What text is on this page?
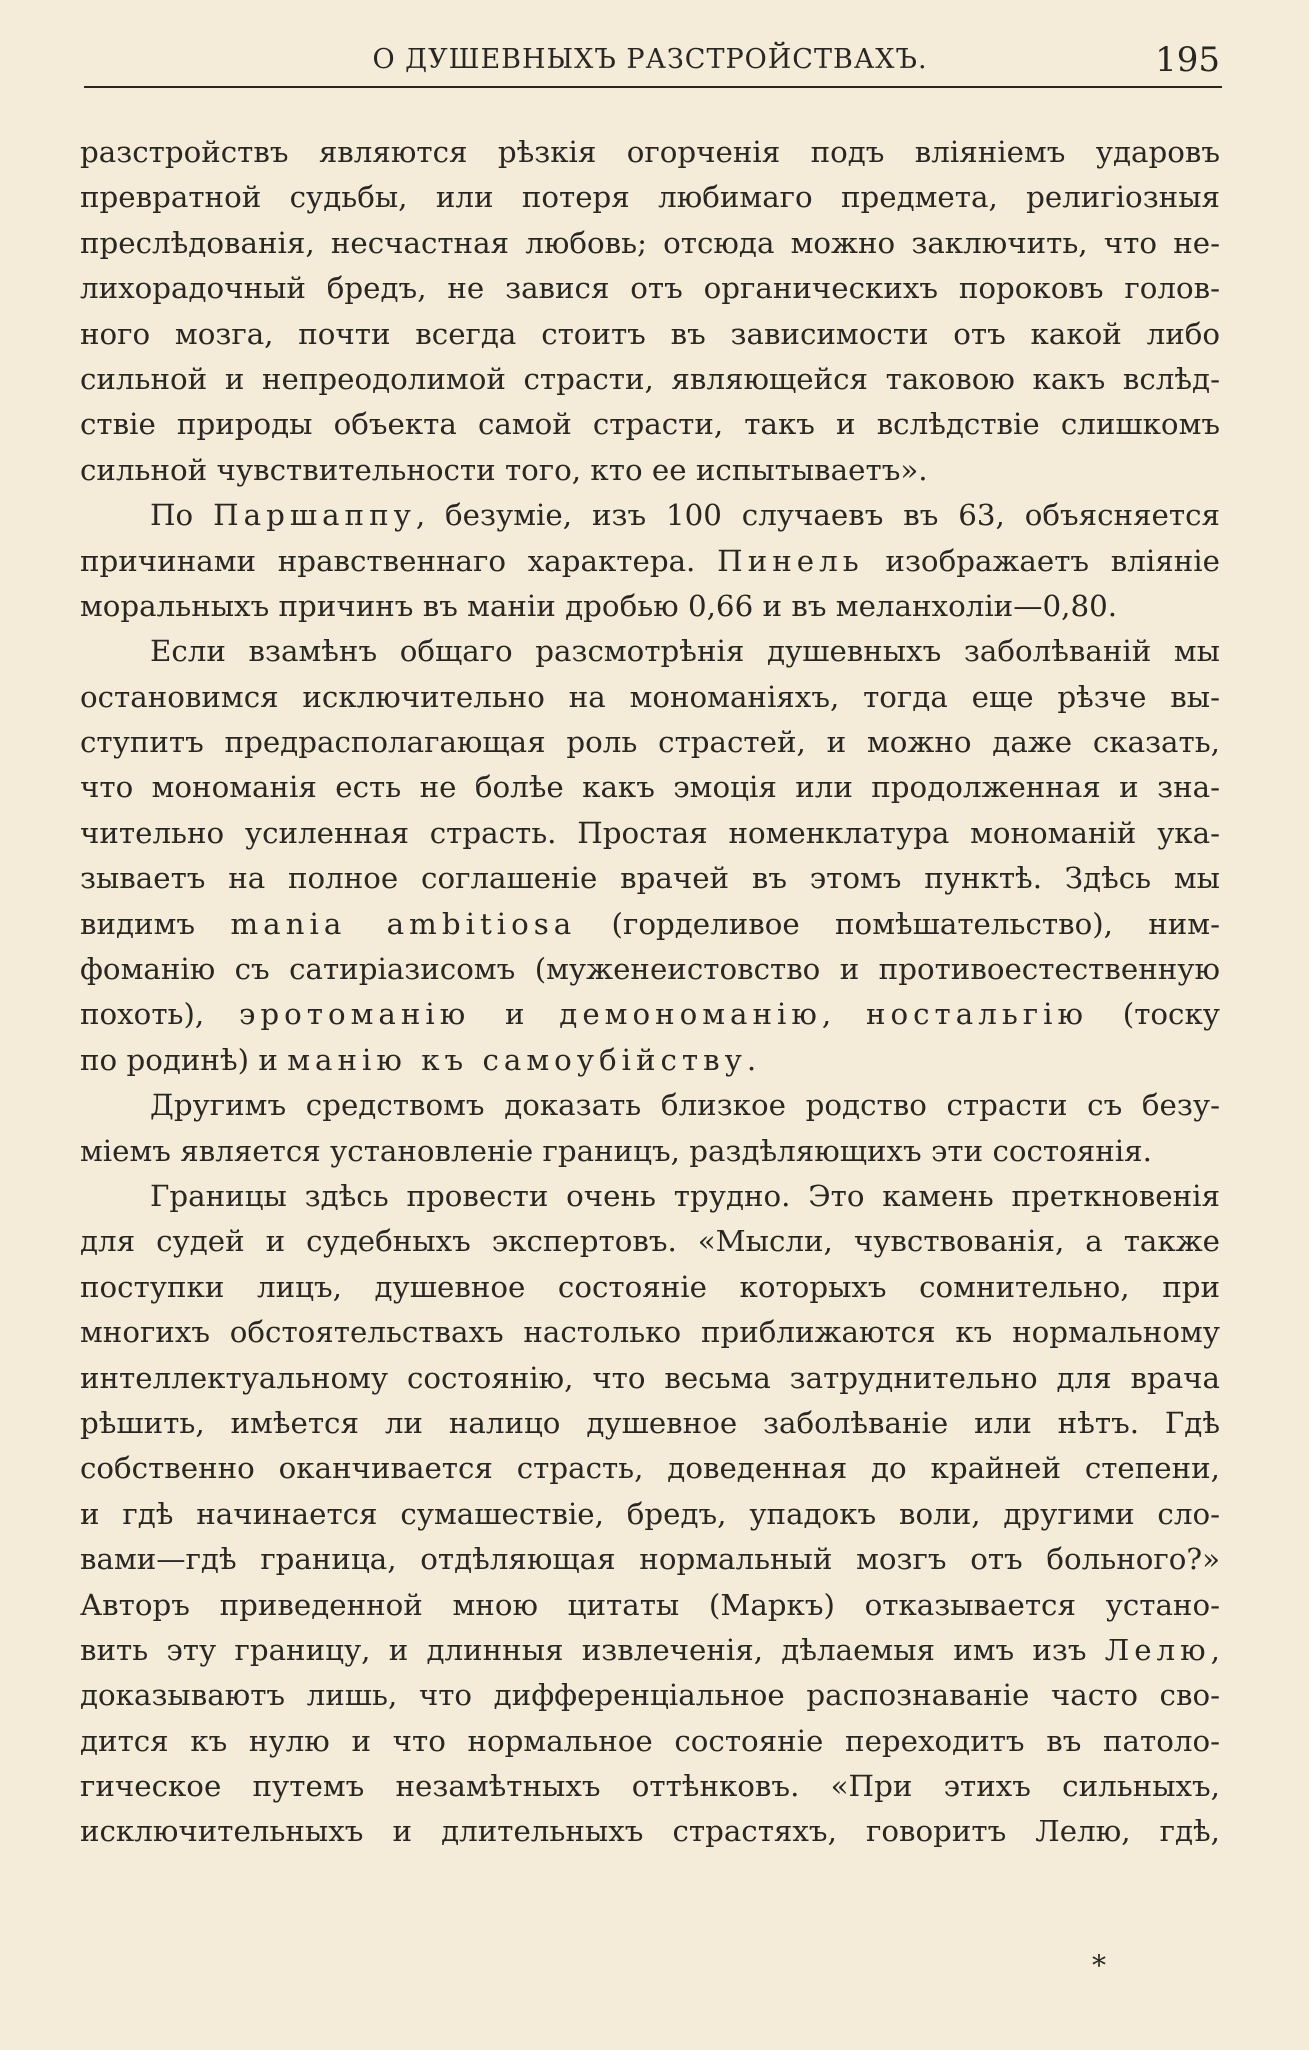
О ДУШЕВНЫХЪ РАЗСТРОЙСТВАХЪ.	195
разстройствъ являются рѣзкія огорченія подъ вліяніемъ ударовъ
превратной судьбы, или потеря любимаго предмета, религіозныя
преслѣдованія, несчастная любовь; отсюда можно заключить, что не-
лихорадочный бредъ, не завися отъ органическихъ пороковъ голов-
ного мозга, почти всегда стоитъ въ зависимости отъ какой либо
сильной и непреодолимой страсти, являющейся таковою какъ вслѣд-
ствіе природы объекта самой страсти, такъ и вслѣдствіе слишкомъ
сильной чувствительности того, кто ее испытываетъ».
По Паршаппу, безуміе, изъ 100 случаевъ въ 63, объясняется
причинами нравственнаго характера. Пинель изображаетъ вліяніе
моральныхъ причинъ въ маніи дробью 0,66 и въ меланхоліи—0,80.
Если взамѣнъ общаго разсмотрѣнія душевныхъ заболѣваній мы
остановимся исключительно на мономаніяхъ, тогда еще рѣзче вы-
ступитъ предрасполагающая роль страстей, и можно даже сказать,
что мономанія есть не болѣе какъ эмоція или продолженная и зна-
чительно усиленная страсть. Простая номенклатура мономаній ука-
зываетъ на полное соглашеніе врачей въ этомъ пунктѣ. Здѣсь мы
видимъ mania ambitiosa (горделивое помѣшательство), ним-
фоманію съ сатиріазисомъ (муженеистовство и противоестественную
похоть), эротоманію и демономанію, ностальгію (тоску
по родинѣ) и манію къ самоубійству.
Другимъ средствомъ доказать близкое родство страсти съ безу-
міемъ является установленіе границъ, раздѣляющихъ эти состоянія.
Границы здѣсь провести очень трудно. Это камень преткновенія
для судей и судебныхъ экспертовъ. «Мысли, чувствованія, а также
поступки лицъ, душевное состояніе которыхъ сомнительно, при
многихъ обстоятельствахъ настолько приближаются къ нормальному
интеллектуальному состоянію, что весьма затруднительно для врача
рѣшить, имѣется ли налицо душевное заболѣваніе или нѣтъ. Гдѣ
собственно оканчивается страсть, доведенная до крайней степени,
и гдѣ начинается сумашествіе, бредъ, упадокъ воли, другими сло-
вами—гдѣ граница, отдѣляющая нормальный мозгъ отъ больного?»
Авторъ приведенной мною цитаты (Маркъ) отказывается устано-
вить эту границу, и длинныя извлеченія, дѣлаемыя имъ изъ Лелю,
доказываютъ лишь, что дифференціальное распознаваніе часто сво-
дится къ нулю и что нормальное состояніе переходитъ въ патоло-
гическое путемъ незамѣтныхъ оттѣнковъ. «При этихъ сильныхъ,
исключительныхъ и длительныхъ страстяхъ, говоритъ Лелю, гдѣ,
*
